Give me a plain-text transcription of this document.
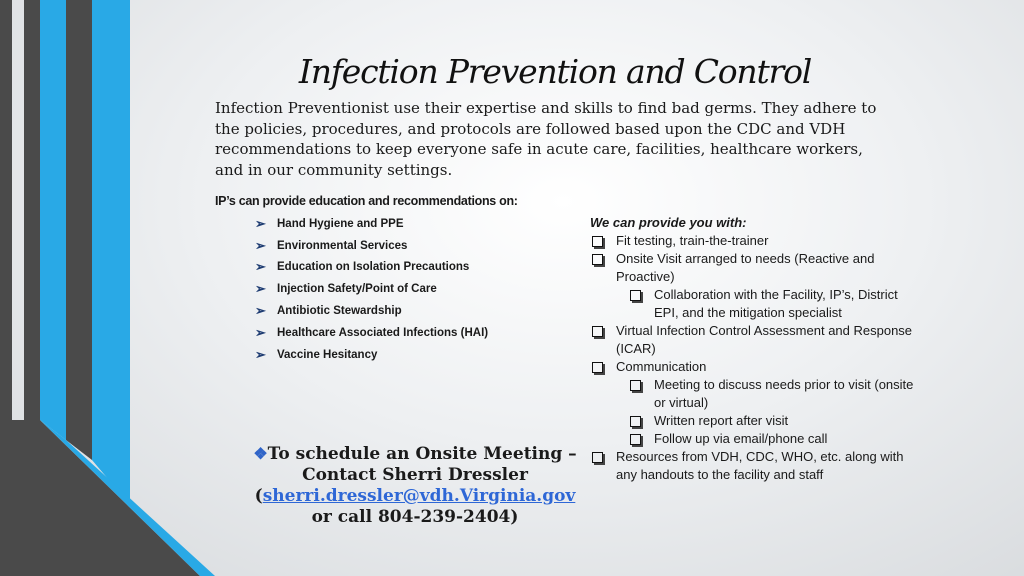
Infection Prevention and Control
Infection Preventionist use their expertise and skills to find bad germs. They adhere to the policies, procedures, and protocols are followed based upon the CDC and VDH recommendations to keep everyone safe in acute care, facilities, healthcare workers, and in our community settings.
IP’s can provide education and recommendations on:
➢ Hand Hygiene and PPE
➢ Environmental Services
➢ Education on Isolation Precautions
➢ Injection Safety/Point of Care
➢ Antibiotic Stewardship
➢ Healthcare Associated Infections (HAI)
➢ Vaccine Hesitancy
We can provide you with:
Fit testing, train-the-trainer
Onsite Visit arranged to needs (Reactive and Proactive)
Collaboration with the Facility, IP’s, District EPI, and the mitigation specialist
Virtual Infection Control Assessment and Response (ICAR)
Communication
Meeting to discuss needs prior to visit (onsite or virtual)
Written report after visit
Follow up via email/phone call
Resources from VDH, CDC, WHO, etc. along with any handouts to the facility and staff
❖To schedule an Onsite Meeting –
Contact Sherri Dressler
(sherri.dressler@vdh.Virginia.gov
or call 804-239-2404)
